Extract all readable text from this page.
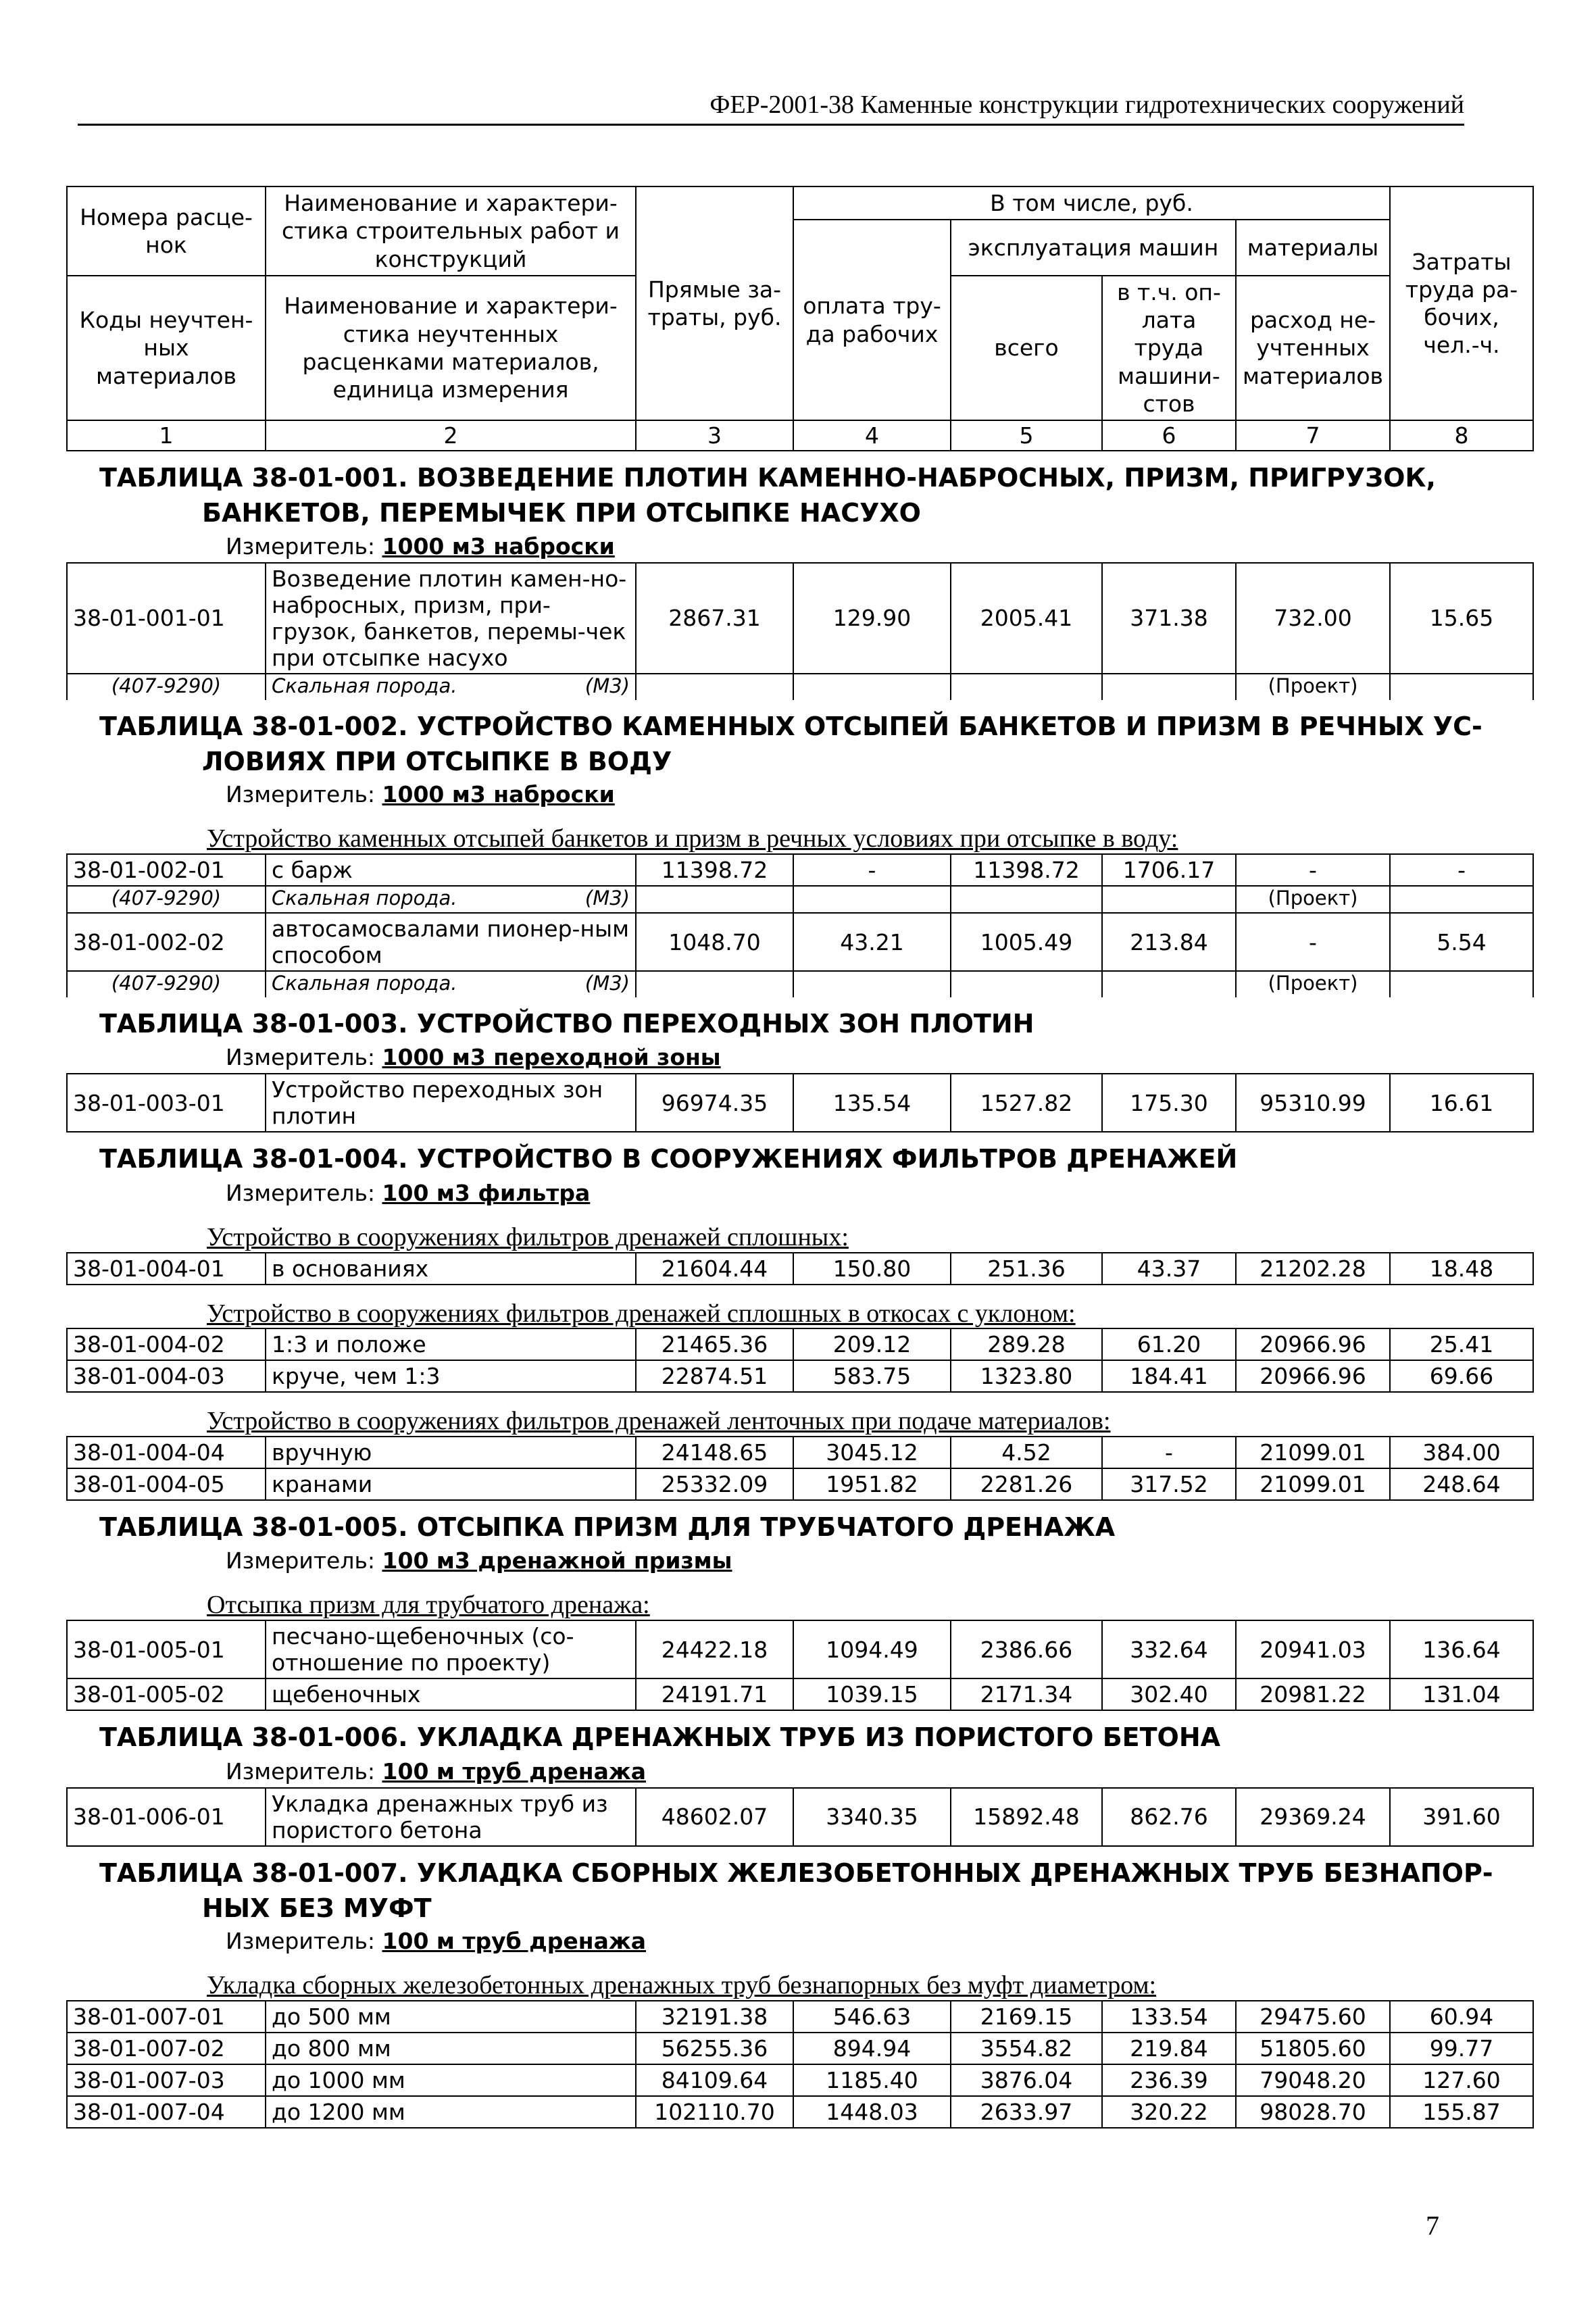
ФЕР-2001-38 Каменные конструкции гидротехнических сооружений
Номера расце-нок	Наименование и характери-стика строительных работ и конструкций	Прямые за-траты, руб.	В том числе, руб.				Затраты труда ра-бочих, чел.-ч.
			оплата тру-да рабочих	эксплуатация машин		материалы	
Коды неучтен-ных материалов	Наименование и характери-стика неучтенных расценками материалов, единица измерения			всего	в т.ч. оп-лата труда машини-стов	расход не-учтенных материалов	

1	2	3	4	5	6	7	8
ТАБЛИЦА 38-01-001. ВОЗВЕДЕНИЕ ПЛОТИН КАМЕННО-НАБРОСНЫХ, ПРИЗМ, ПРИГРУЗОК,							
БАНКЕТОВ, ПЕРЕМЫЧЕК ПРИ ОТСЫПКЕ НАСУХО							
Измеритель: 1000 м3 наброски							
38-01-001-01	Возведение плотин камен-но-набросных, призм, при-грузок, банкетов, перемы-чек при отсыпке насухо	2867.31	129.90	2005.41	371.38	732.00	15.65
(407-9290)	Скальная порода. (М3)					(Проект)	
ТАБЛИЦА 38-01-002. УСТРОЙСТВО КАМЕННЫХ ОТСЫПЕЙ БАНКЕТОВ И ПРИЗМ В РЕЧНЫХ УС-							
ЛОВИЯХ ПРИ ОТСЫПКЕ В ВОДУ							
Измеритель: 1000 м3 наброски							
Устройство каменных отсыпей банкетов и призм в речных условиях при отсыпке в воду:							
38-01-002-01	с барж	11398.72	-	11398.72	1706.17	-	-
(407-9290)	Скальная порода. (М3)					(Проект)	
38-01-002-02	автосамосвалами пионер-ным способом	1048.70	43.21	1005.49	213.84	-	5.54
(407-9290)	Скальная порода. (М3)					(Проект)	
ТАБЛИЦА 38-01-003. УСТРОЙСТВО ПЕРЕХОДНЫХ ЗОН ПЛОТИН							
Измеритель: 1000 м3 переходной зоны							
38-01-003-01	Устройство переходных зон плотин	96974.35	135.54	1527.82	175.30	95310.99	16.61
ТАБЛИЦА 38-01-004. УСТРОЙСТВО В СООРУЖЕНИЯХ ФИЛЬТРОВ ДРЕНАЖЕЙ							
Измеритель: 100 м3 фильтра							
Устройство в сооружениях фильтров дренажей сплошных:							
38-01-004-01	в основаниях	21604.44	150.80	251.36	43.37	21202.28	18.48
Устройство в сооружениях фильтров дренажей сплошных в откосах с уклоном:							
38-01-004-02	1:3 и положе	21465.36	209.12	289.28	61.20	20966.96	25.41
38-01-004-03	круче, чем 1:3	22874.51	583.75	1323.80	184.41	20966.96	69.66
Устройство в сооружениях фильтров дренажей ленточных при подаче материалов:							
38-01-004-04	вручную	24148.65	3045.12	4.52	-	21099.01	384.00
38-01-004-05	кранами	25332.09	1951.82	2281.26	317.52	21099.01	248.64
ТАБЛИЦА 38-01-005. ОТСЫПКА ПРИЗМ ДЛЯ ТРУБЧАТОГО ДРЕНАЖА							
Измеритель: 100 м3 дренажной призмы							
Отсыпка призм для трубчатого дренажа:							
38-01-005-01	песчано-щебеночных (со-отношение по проекту)	24422.18	1094.49	2386.66	332.64	20941.03	136.64
38-01-005-02	щебеночных	24191.71	1039.15	2171.34	302.40	20981.22	131.04
ТАБЛИЦА 38-01-006. УКЛАДКА ДРЕНАЖНЫХ ТРУБ ИЗ ПОРИСТОГО БЕТОНА							
Измеритель: 100 м труб дренажа							
38-01-006-01	Укладка дренажных труб из пористого бетона	48602.07	3340.35	15892.48	862.76	29369.24	391.60
ТАБЛИЦА 38-01-007. УКЛАДКА СБОРНЫХ ЖЕЛЕЗОБЕТОННЫХ ДРЕНАЖНЫХ ТРУБ БЕЗНАПОР-							
НЫХ БЕЗ МУФТ							
Измеритель: 100 м труб дренажа							
Укладка сборных железобетонных дренажных труб безнапорных без муфт диаметром:							
38-01-007-01	до 500 мм	32191.38	546.63	2169.15	133.54	29475.60	60.94
38-01-007-02	до 800 мм	56255.36	894.94	3554.82	219.84	51805.60	99.77
38-01-007-03	до 1000 мм	84109.64	1185.40	3876.04	236.39	79048.20	127.60
38-01-007-04	до 1200 мм	102110.70	1448.03	2633.97	320.22	98028.70	155.87
7
